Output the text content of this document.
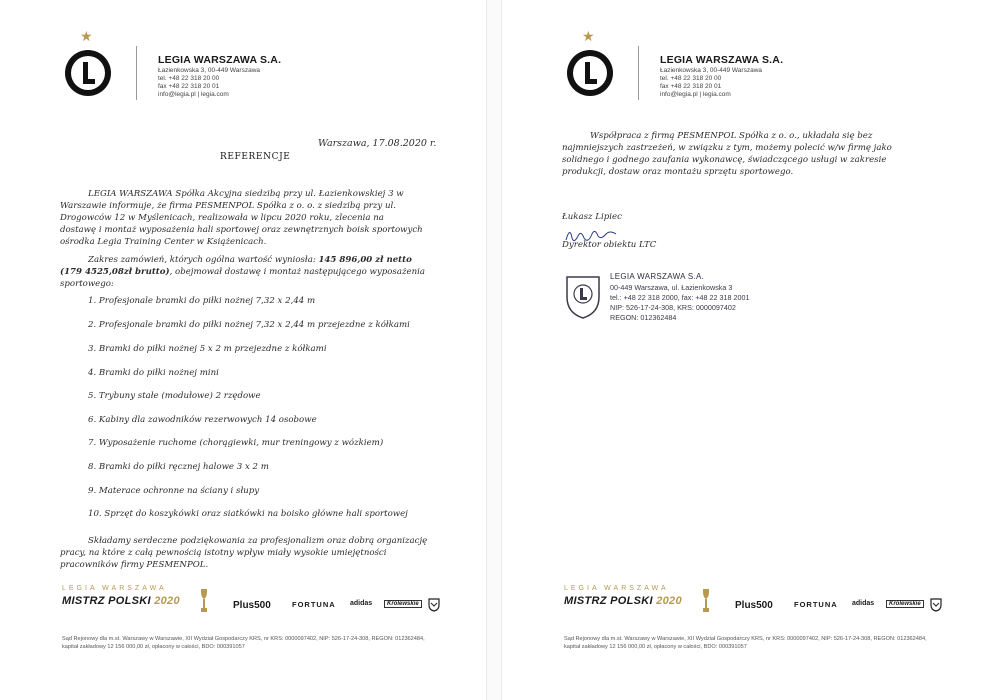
★
LEGIA WARSZAWA S.A.
Łazienkowska 3, 00-449 Warszawa
tel. +48 22 318 20 00
fax +48 22 318 20 01
info@legia.pl | legia.com
Warszawa, 17.08.2020 r.
REFERENCJE
LEGIA WARSZAWA Spółka Akcyjna siedzibą przy ul. Łazienkowskiej 3 w
Warszawie informuje, że firma PESMENPOL Spółka z o. o. z siedzibą przy ul.
Drogowców 12 w Myślenicach, realizowała w lipcu 2020 roku, zlecenia na
dostawę i montaż wyposażenia hali sportowej oraz zewnętrznych boisk sportowych
ośrodka Legia Training Center w Książenicach.
Zakres zamówień, których ogólna wartość wyniosła: 145 896,00 zł netto
(179 4525,08zł brutto), obejmował dostawę i montaż następującego wyposażenia
sportowego:
1. Profesjonale bramki do piłki nożnej 7,32 x 2,44 m
2. Profesjonale bramki do piłki nożnej 7,32 x 2,44 m przejezdne z kółkami
3. Bramki do piłki nożnej 5 x 2 m przejezdne z kółkami
4. Bramki do piłki nożnej mini
5. Trybuny stałe (modułowe) 2 rzędowe
6. Kabiny dla zawodników rezerwowych 14 osobowe
7. Wyposażenie ruchome (chorągiewki, mur treningowy z wózkiem)
8. Bramki do piłki ręcznej halowe 3 x 2 m
9. Materace ochronne na ściany i słupy
10. Sprzęt do koszykówki oraz siatkówki na boisko główne hali sportowej
Składamy serdeczne podziękowania za profesjonalizm oraz dobrą organizację
pracy, na które z całą pewnością istotny wpływ miały wysokie umiejętności
pracowników firmy PESMENPOL.
LEGIA WARSZAWA
MISTRZ POLSKI 2020	Plus500	FORTUNA adidas	Królewskie
Sąd Rejonowy dla m.st. Warszawy w Warszawie, XII Wydział Gospodarczy KRS, nr KRS: 0000097402, NIP: 526-17-24-308, REGON: 012362484,
kapitał zakładowy 12 156 000,00 zł, opłacony w całości, BDO: 000391057
★
LEGIA WARSZAWA S.A.
Łazienkowska 3, 00-449 Warszawa
tel. +48 22 318 20 00
fax +48 22 318 20 01
info@legia.pl | legia.com
Współpraca z firmą PESMENPOL Spółka z o. o., układała się bez
najmniejszych zastrzeżeń, w związku z tym, możemy polecić w/w firmę jako
solidnego i godnego zaufania wykonawcę, świadczącego usługi w zakresie
produkcji, dostaw oraz montażu sprzętu sportowego.
Łukasz Lipiec
Dyrektor obiektu LTC
LEGIA WARSZAWA S.A.
00-449 Warszawa, ul. Łazienkowska 3
tel.: +48 22 318 2000, fax: +48 22 318 2001
NIP: 526-17-24-308, KRS: 0000097402
REGON: 012362484
LEGIA WARSZAWA
MISTRZ POLSKI 2020	Plus500	FORTUNA adidas	Królewskie
Sąd Rejonowy dla m.st. Warszawy w Warszawie, XII Wydział Gospodarczy KRS, nr KRS: 0000097402, NIP: 526-17-24-308, REGON: 012362484,
kapitał zakładowy 12 156 000,00 zł, opłacony w całości, BDO: 000391057
